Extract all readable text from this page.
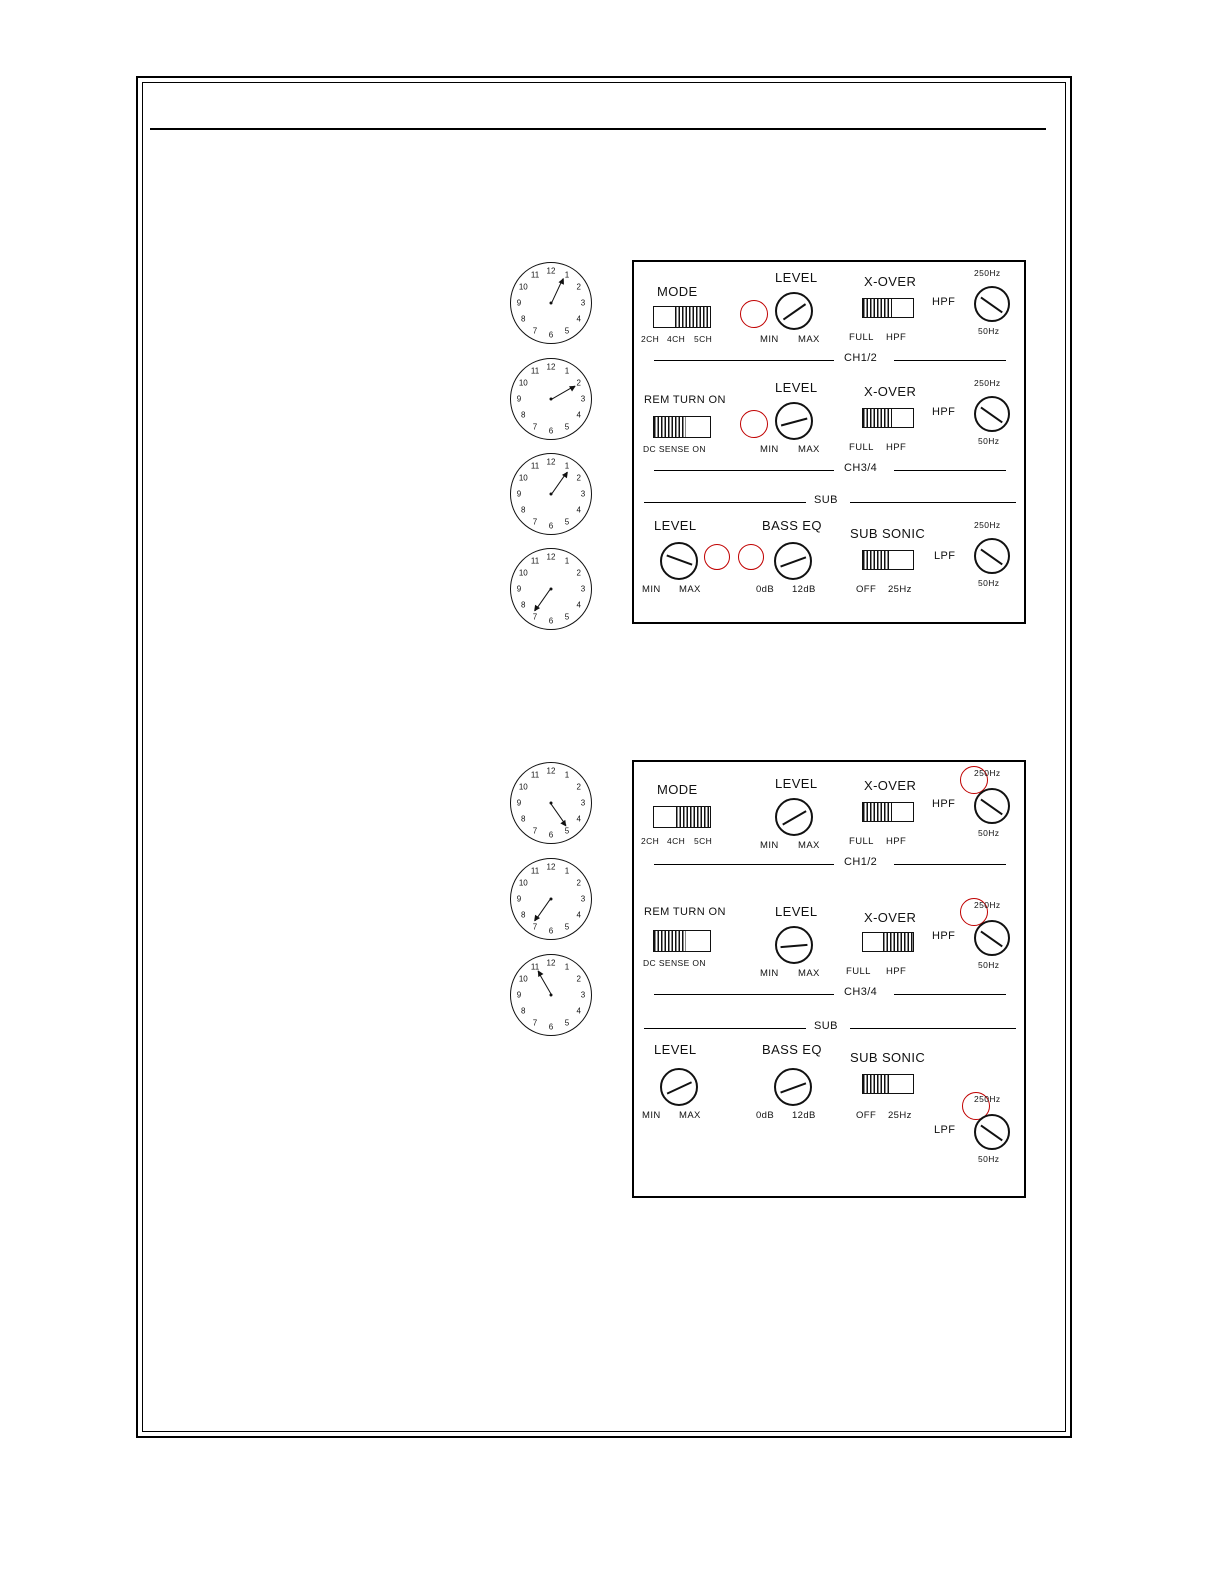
12 1
2
3
4
5
6
7
8
9
10
11
12 1
2
3
4
5
6
7
8
9
10
11
12 1
2
3
4
5
6
7
8
9
10
11
12 1
2
3
4
5
6
7
8
9
10
11
MODE
2CH 4CH 5CH
LEVEL
MIN MAX
X-OVER
FULL HPF
250Hz
HPF
50Hz
CH1/2
REM TURN ON
DC SENSE ON
LEVEL
MIN MAX
X-OVER
FULL HPF
250Hz
HPF
50Hz
CH3/4
SUB
LEVEL
MIN MAX
BASS EQ
0dB 12dB
SUB SONIC
OFF 25Hz
250Hz
LPF
50Hz
12 1
2
3
4
5
6
7
8
9
10
11
12 1
2
3
4
5
6
7
8
9
10
11
12 1
2
3
4
5
6
7
8
9
10
11
MODE
2CH 4CH 5CH
LEVEL
MIN MAX
X-OVER
FULL HPF
250Hz
HPF
50Hz
CH1/2
REM TURN ON
DC SENSE ON
LEVEL
MIN MAX
X-OVER
FULL HPF
250Hz
HPF
50Hz
CH3/4
SUB
LEVEL
MIN MAX
BASS EQ
0dB 12dB
SUB SONIC
OFF 25Hz
250Hz
LPF
50Hz
